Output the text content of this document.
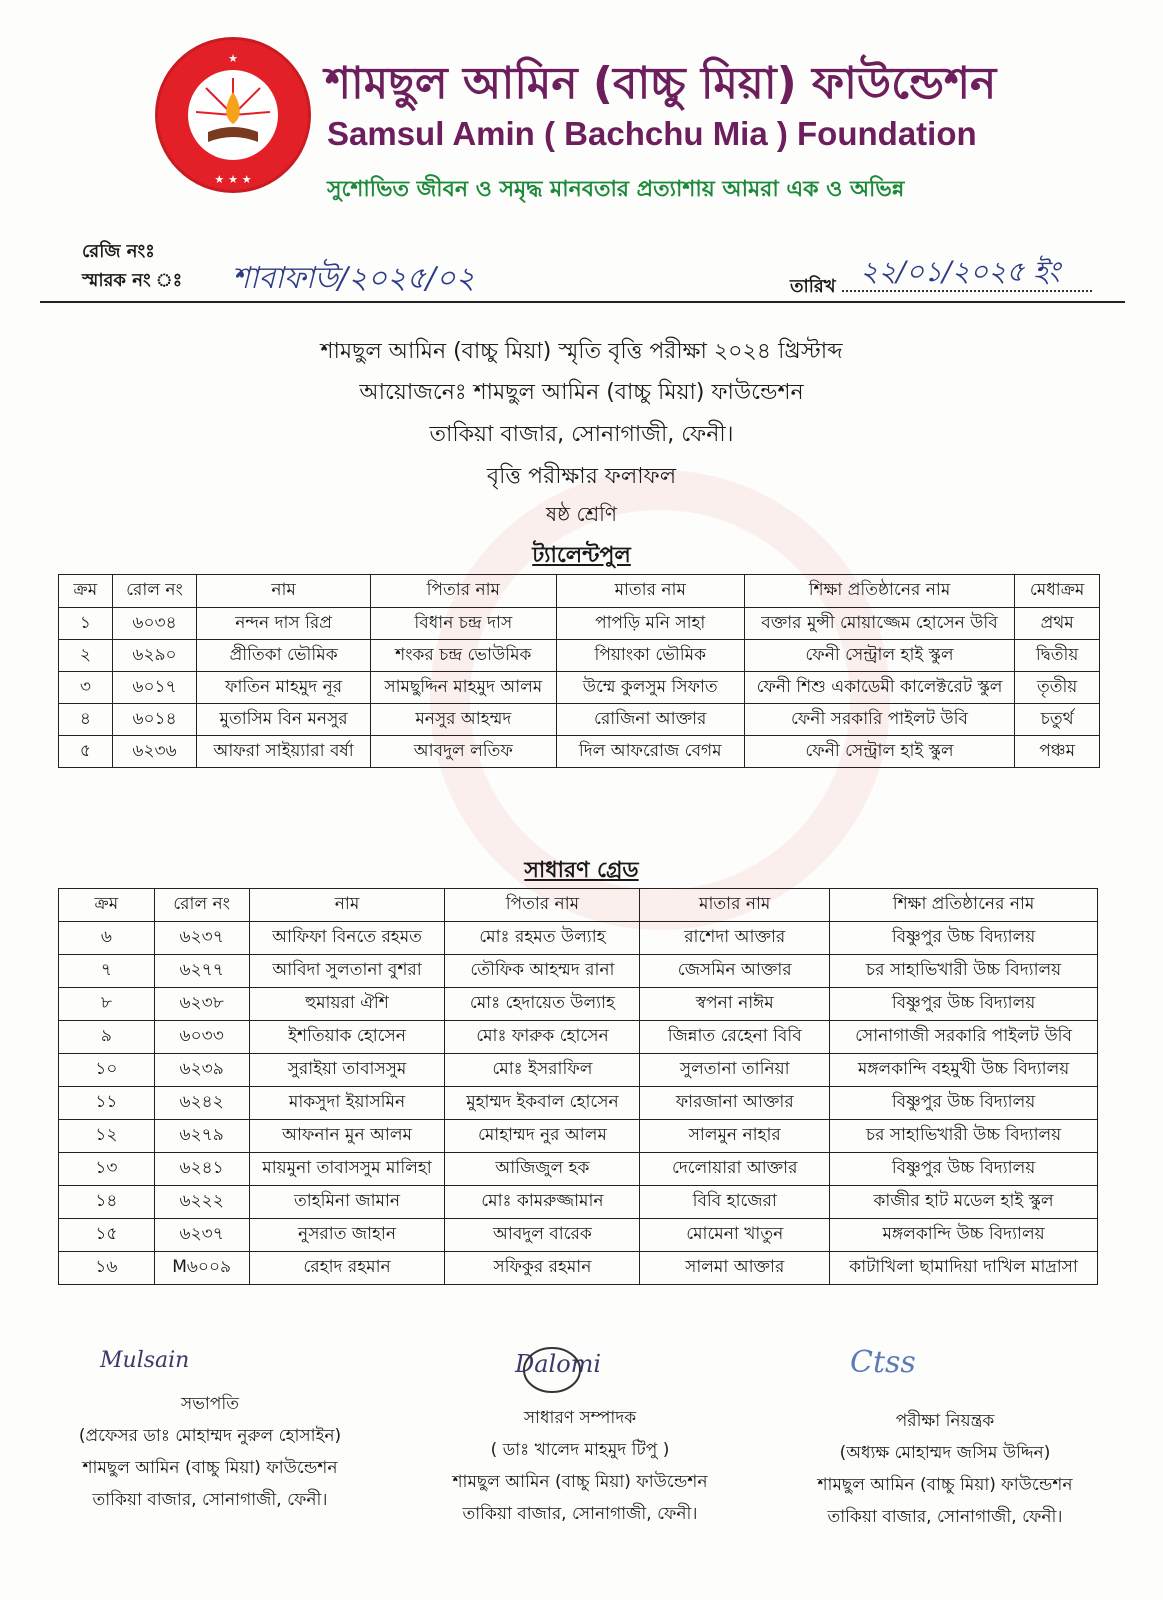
★
★ ★ ★
শামছুল আমিন (বাচ্চু মিয়া) ফাউন্ডেশন
Samsul Amin ( Bachchu Mia ) Foundation
সুশোভিত জীবন ও সমৃদ্ধ মানবতার প্রত্যাশায় আমরা এক ও অভিন্ন
রেজি নংঃ
স্মারক নং ঃ শাবাফাউ/২০২৫/০২	তারিখ ২২/০১/২০২৫ ইং
শামছুল আমিন (বাচ্চু মিয়া) স্মৃতি বৃত্তি পরীক্ষা ২০২৪ খ্রিস্টাব্দ
আয়োজনেঃ শামছুল আমিন (বাচ্চু মিয়া) ফাউন্ডেশন
তাকিয়া বাজার, সোনাগাজী, ফেনী।
বৃত্তি পরীক্ষার ফলাফল
ষষ্ঠ শ্রেণি
ট্যালেন্টপুল
ক্রম	রোল নং	নাম	পিতার নাম	মাতার নাম	শিক্ষা প্রতিষ্ঠানের নাম	মেধাক্রম
১	৬০৩৪	নন্দন দাস রিপ্র	বিধান চন্দ্র দাস	পাপড়ি মনি সাহা	বক্তার মুন্সী মোয়াজ্জেম হোসেন উবি	প্রথম
২	৬২৯০	প্রীতিকা ভৌমিক	শংকর চন্দ্র ভোউমিক	পিয়াংকা ভৌমিক	ফেনী সেন্ট্রাল হাই স্কুল	দ্বিতীয়
৩	৬০১৭	ফাতিন মাহমুদ নূর	সামছুদ্দিন মাহমুদ আলম	উম্মে কুলসুম সিফাত	ফেনী শিশু একাডেমী কালেক্টরেট স্কুল	তৃতীয়
৪	৬০১৪	মুতাসিম বিন মনসুর	মনসুর আহম্মদ	রোজিনা আক্তার	ফেনী সরকারি পাইলট উবি	চতুর্থ
৫	৬২৩৬	আফরা সাইয়্যারা বর্ষা	আবদুল লতিফ	দিল আফরোজ বেগম	ফেনী সেন্ট্রাল হাই স্কুল	পঞ্চম
সাধারণ গ্রেড
ক্রম	রোল নং	নাম	পিতার নাম	মাতার নাম	শিক্ষা প্রতিষ্ঠানের নাম
৬	৬২৩৭	আফিফা বিনতে রহমত	মোঃ রহমত উল্যাহ	রাশেদা আক্তার	বিষ্ণুপুর উচ্চ বিদ্যালয়
৭	৬২৭৭	আবিদা সুলতানা বুশরা	তৌফিক আহম্মদ রানা	জেসমিন আক্তার	চর সাহাভিখারী উচ্চ বিদ্যালয়
৮	৬২৩৮	হুমায়রা ঐশি	মোঃ হেদায়েত উল্যাহ	স্বপনা নাঈম	বিষ্ণুপুর উচ্চ বিদ্যালয়
৯	৬০৩৩	ইশতিয়াক হোসেন	মোঃ ফারুক হোসেন	জিন্নাত রেহেনা বিবি	সোনাগাজী সরকারি পাইলট উবি
১০	৬২৩৯	সুরাইয়া তাবাসসুম	মোঃ ইসরাফিল	সুলতানা তানিয়া	মঙ্গলকান্দি বহমুখী উচ্চ বিদ্যালয়
১১	৬২৪২	মাকসুদা ইয়াসমিন	মুহাম্মদ ইকবাল হোসেন	ফারজানা আক্তার	বিষ্ণুপুর উচ্চ বিদ্যালয়
১২	৬২৭৯	আফনান মুন আলম	মোহাম্মদ নুর আলম	সালমুন নাহার	চর সাহাভিখারী উচ্চ বিদ্যালয়
১৩	৬২৪১	মায়মুনা তাবাসসুম মালিহা	আজিজুল হক	দেলোয়ারা আক্তার	বিষ্ণুপুর উচ্চ বিদ্যালয়
১৪	৬২২২	তাহমিনা জামান	মোঃ কামরুজ্জামান	বিবি হাজেরা	কাজীর হাট মডেল হাই স্কুল
১৫	৬২৩৭	নুসরাত জাহান	আবদুল বারেক	মোমেনা খাতুন	মঙ্গলকান্দি উচ্চ বিদ্যালয়
১৬	M৬০০৯	রেহাদ রহমান	সফিকুর রহমান	সালমা আক্তার	কাটাখিলা ছামাদিয়া দাখিল মাদ্রাসা
Mulsain	Dalomi	Ctss
সভাপতি
(প্রফেসর ডাঃ মোহাম্মদ নুরুল হোসাইন)
শামছুল আমিন (বাচ্চু মিয়া) ফাউন্ডেশন
তাকিয়া বাজার, সোনাগাজী, ফেনী।
সাধারণ সম্পাদক
( ডাঃ খালেদ মাহমুদ টিপু )
শামছুল আমিন (বাচ্চু মিয়া) ফাউন্ডেশন
তাকিয়া বাজার, সোনাগাজী, ফেনী।
পরীক্ষা নিয়ন্ত্রক
(অধ্যক্ষ মোহাম্মদ জসিম উদ্দিন)
শামছুল আমিন (বাচ্চু মিয়া) ফাউন্ডেশন
তাকিয়া বাজার, সোনাগাজী, ফেনী।
